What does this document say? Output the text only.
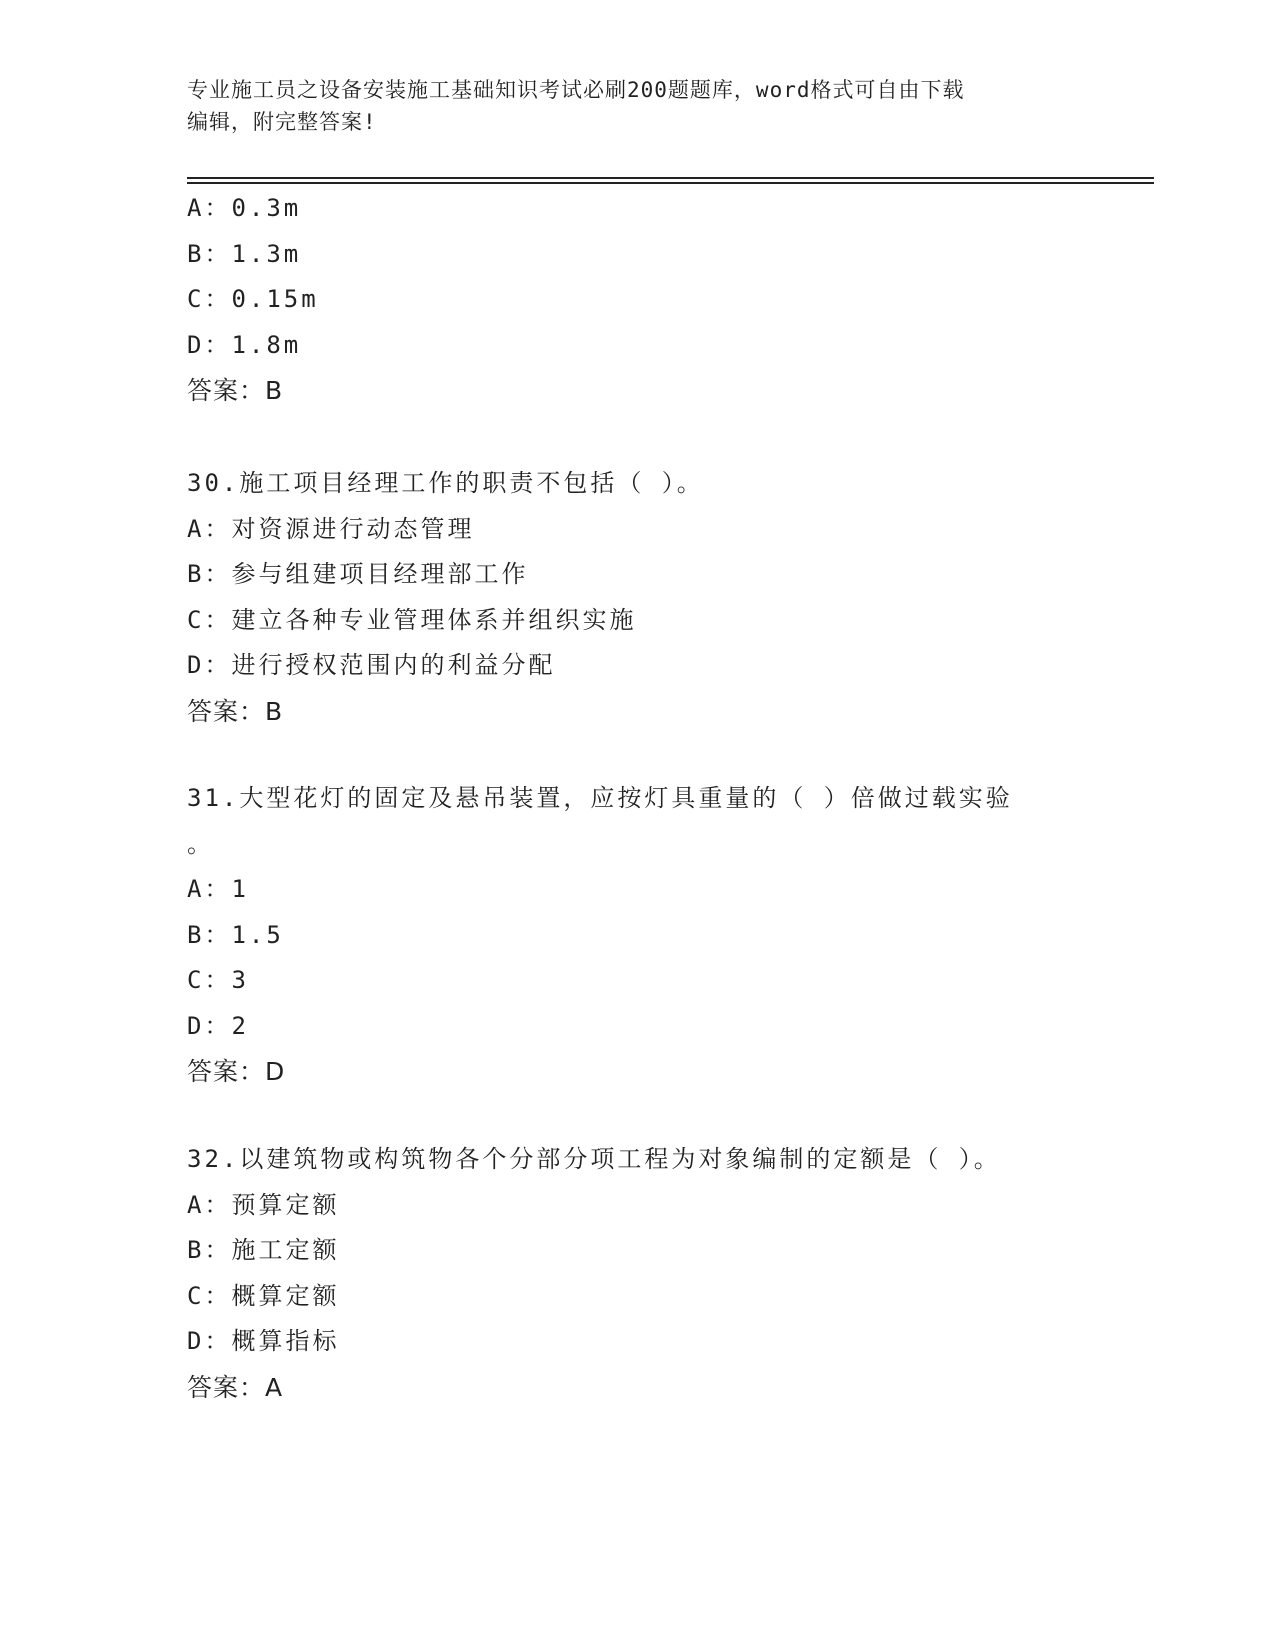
专业施工员之设备安装施工基础知识考试必刷200题题库，word格式可自由下载
编辑，附完整答案!
A：0.3m
B：1.3m
C：0.15m
D：1.8m
答案：B
30.施工项目经理工作的职责不包括（ ）。
A：对资源进行动态管理
B：参与组建项目经理部工作
C：建立各种专业管理体系并组织实施
D：进行授权范围内的利益分配
答案：B
31.大型花灯的固定及悬吊装置，应按灯具重量的（ ）倍做过载实验
。
A：1
B：1.5
C：3
D：2
答案：D
32.以建筑物或构筑物各个分部分项工程为对象编制的定额是（ ）。
A：预算定额
B：施工定额
C：概算定额
D：概算指标
答案：A
